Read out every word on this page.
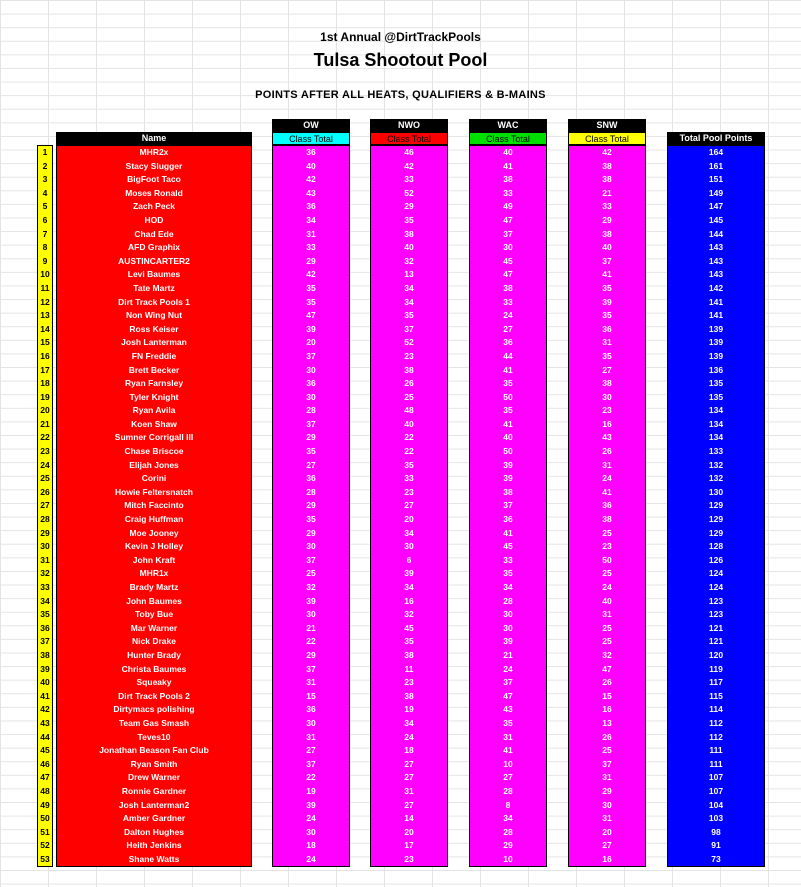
1st Annual @DirtTrackPools
Tulsa Shootout Pool
POINTS AFTER ALL HEATS, QUALIFIERS & B-MAINS
1
2
3
4
5
6
7
8
9
10
11
12
13
14
15
16
17
18
19
20
21
22
23
24
25
26
27
28
29
30
31
32
33
34
35
36
37
38
39
40
41
42
43
44
45
46
47
48
49
50
51
52
53
Name
MHR2x
Stacy Slugger
BigFoot Taco
Moses Ronald
Zach Peck
HOD
Chad Ede
AFD Graphix
AUSTINCARTER2
Levi Baumes
Tate Martz
Dirt Track Pools 1
Non Wing Nut
Ross Keiser
Josh Lanterman
FN Freddie
Brett Becker
Ryan Farnsley
Tyler Knight
Ryan Avila
Koen Shaw
Sumner Corrigall III
Chase Briscoe
Elijah Jones
Corini
Howie Feltersnatch
Mitch Faccinto
Craig Huffman
Moe Jooney
Kevin J Holley
John Kraft
MHR1x
Brady Martz
John Baumes
Toby Bue
Mar Warner
Nick Drake
Hunter Brady
Christa Baumes
Squeaky
Dirt Track Pools 2
Dirtymacs polishing
Team Gas Smash
Teves10
Jonathan Beason Fan Club
Ryan Smith
Drew Warner
Ronnie Gardner
Josh Lanterman2
Amber Gardner
Dalton Hughes
Heith Jenkins
Shane Watts
OW
Class Total
36
40
42
43
36
34
31
33
29
42
35
35
47
39
20
37
30
36
30
28
37
29
35
27
36
28
29
35
29
30
37
25
32
39
30
21
22
29
37
31
15
36
30
31
27
37
22
19
39
24
30
18
24
NWO
Class Total
46
42
33
52
29
35
38
40
32
13
34
34
35
37
52
23
38
26
25
48
40
22
22
35
33
23
27
20
34
30
6
39
34
16
32
45
35
38
11
23
38
19
34
24
18
27
27
31
27
14
20
17
23
WAC
Class Total
40
41
38
33
49
47
37
30
45
47
38
33
24
27
36
44
41
35
50
35
41
40
50
39
39
38
37
36
41
45
33
35
34
28
30
30
39
21
24
37
47
43
35
31
41
10
27
28
8
34
28
29
10
SNW
Class Total
42
38
38
21
33
29
38
40
37
41
35
39
35
36
31
35
27
38
30
23
16
43
26
31
24
41
36
38
25
23
50
25
24
40
31
25
25
32
47
26
15
16
13
26
25
37
31
29
30
31
20
27
16
Total Pool Points
164
161
151
149
147
145
144
143
143
143
142
141
141
139
139
139
136
135
135
134
134
134
133
132
132
130
129
129
129
128
126
124
124
123
123
121
121
120
119
117
115
114
112
112
111
111
107
107
104
103
98
91
73
